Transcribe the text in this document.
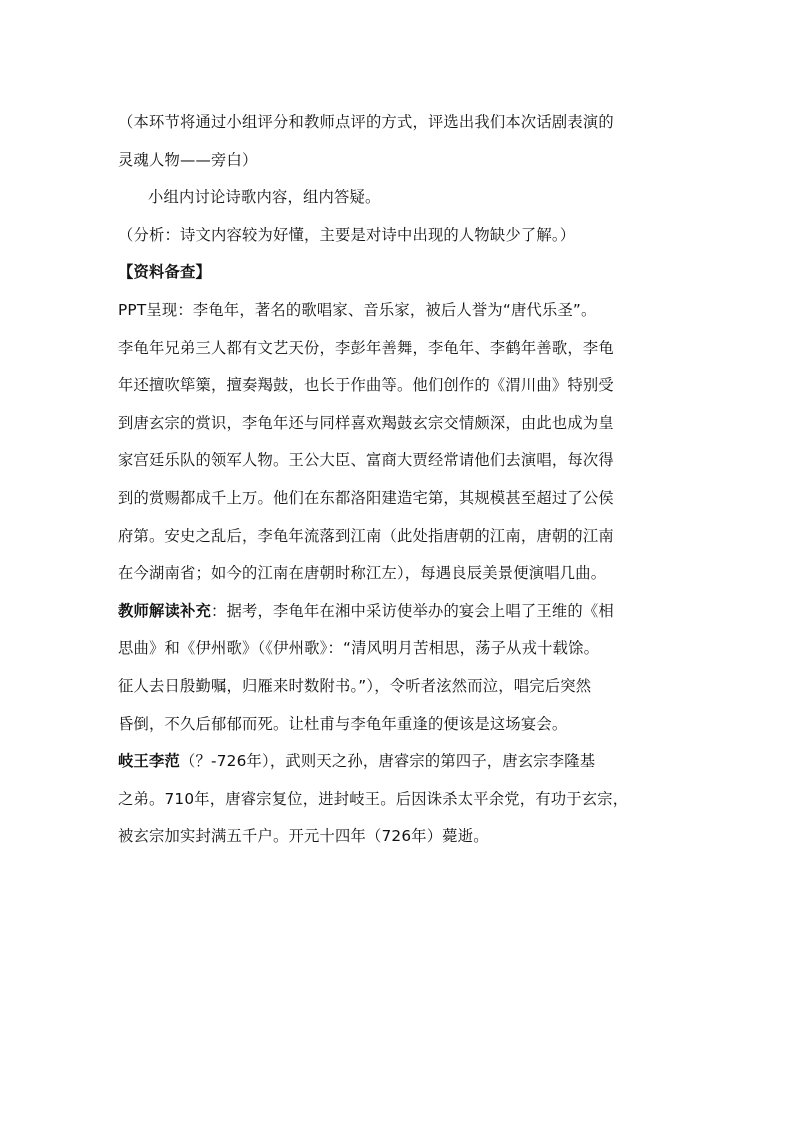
（本环节将通过小组评分和教师点评的方式，评选出我们本次话剧表演的
灵魂人物——旁白）
小组内讨论诗歌内容，组内答疑。
（分析：诗文内容较为好懂，主要是对诗中出现的人物缺少了解。）
【资料备查】
PPT呈现：李龟年，著名的歌唱家、音乐家，被后人誉为“唐代乐圣”。
李龟年兄弟三人都有文艺天份，李彭年善舞，李龟年、李鹤年善歌，李龟
年还擅吹筚篥，擅奏羯鼓，也长于作曲等。他们创作的《渭川曲》特别受
到唐玄宗的赏识，李龟年还与同样喜欢羯鼓玄宗交情颇深，由此也成为皇
家宫廷乐队的领军人物。王公大臣、富商大贾经常请他们去演唱，每次得
到的赏赐都成千上万。他们在东都洛阳建造宅第，其规模甚至超过了公侯
府第。安史之乱后，李龟年流落到江南（此处指唐朝的江南，唐朝的江南
在今湖南省；如今的江南在唐朝时称江左），每遇良辰美景便演唱几曲。
教师解读补充：据考，李龟年在湘中采访使举办的宴会上唱了王维的《相
思曲》和《伊州歌》（《伊州歌》：“清风明月苦相思，荡子从戎十载馀。
征人去日殷勤嘱，归雁来时数附书。”），令听者泫然而泣，唱完后突然
昏倒，不久后郁郁而死。让杜甫与李龟年重逢的便该是这场宴会。
岐王李范（？-726年），武则天之孙，唐睿宗的第四子，唐玄宗李隆基
之弟。710年，唐睿宗复位，进封岐王。后因诛杀太平余党，有功于玄宗，
被玄宗加实封满五千户。开元十四年（726年）薨逝。
